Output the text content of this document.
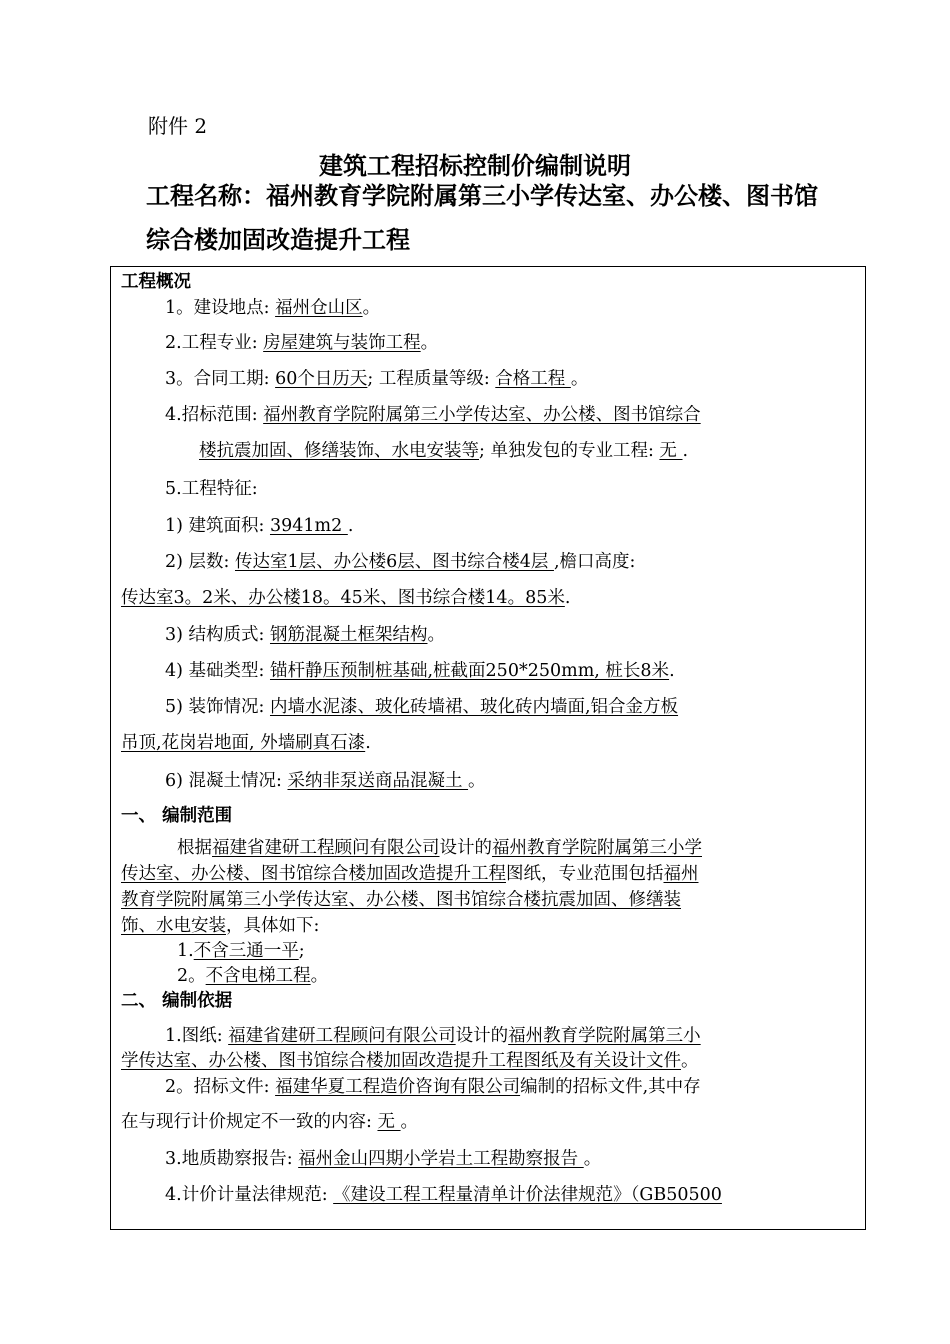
附件 2
建筑工程招标控制价编制说明
工程名称：福州教育学院附属第三小学传达室、办公楼、图书馆综合楼加固改造提升工程
工程概况
1。建设地点: 福州仓山区。
2.工程专业: 房屋建筑与装饰工程。
3。合同工期: 60个日历天; 工程质量等级: 合格工程 。
4.招标范围: 福州教育学院附属第三小学传达室、办公楼、图书馆综合
楼抗震加固、修缮装饰、水电安装等; 单独发包的专业工程: 无 .
5.工程特征:
1) 建筑面积: 3941m2 .
2) 层数: 传达室1层、办公楼6层、图书综合楼4层 ,檐口高度:
传达室3。2米、办公楼18。45米、图书综合楼14。85米.
3) 结构质式: 钢筋混凝土框架结构。
4) 基础类型: 锚杆静压预制桩基础,桩截面250*250mm, 桩长8米.
5) 装饰情况: 内墙水泥漆、玻化砖墙裙、玻化砖内墙面,铝合金方板
吊顶,花岗岩地面, 外墙刷真石漆.
6) 混凝土情况: 采纳非泵送商品混凝土 。
一、 编制范围
根据福建省建研工程顾问有限公司设计的福州教育学院附属第三小学
传达室、办公楼、图书馆综合楼加固改造提升工程图纸，专业范围包括福州
教育学院附属第三小学传达室、办公楼、图书馆综合楼抗震加固、修缮装
饰、水电安装，具体如下:
1.不含三通一平;
2。不含电梯工程。
二、 编制依据
1.图纸: 福建省建研工程顾问有限公司设计的福州教育学院附属第三小
学传达室、办公楼、图书馆综合楼加固改造提升工程图纸及有关设计文件。
2。招标文件: 福建华夏工程造价咨询有限公司编制的招标文件,其中存
在与现行计价规定不一致的内容: 无 。
3.地质勘察报告: 福州金山四期小学岩土工程勘察报告 。
4.计价计量法律规范: 《建设工程工程量清单计价法律规范》（GB50500
